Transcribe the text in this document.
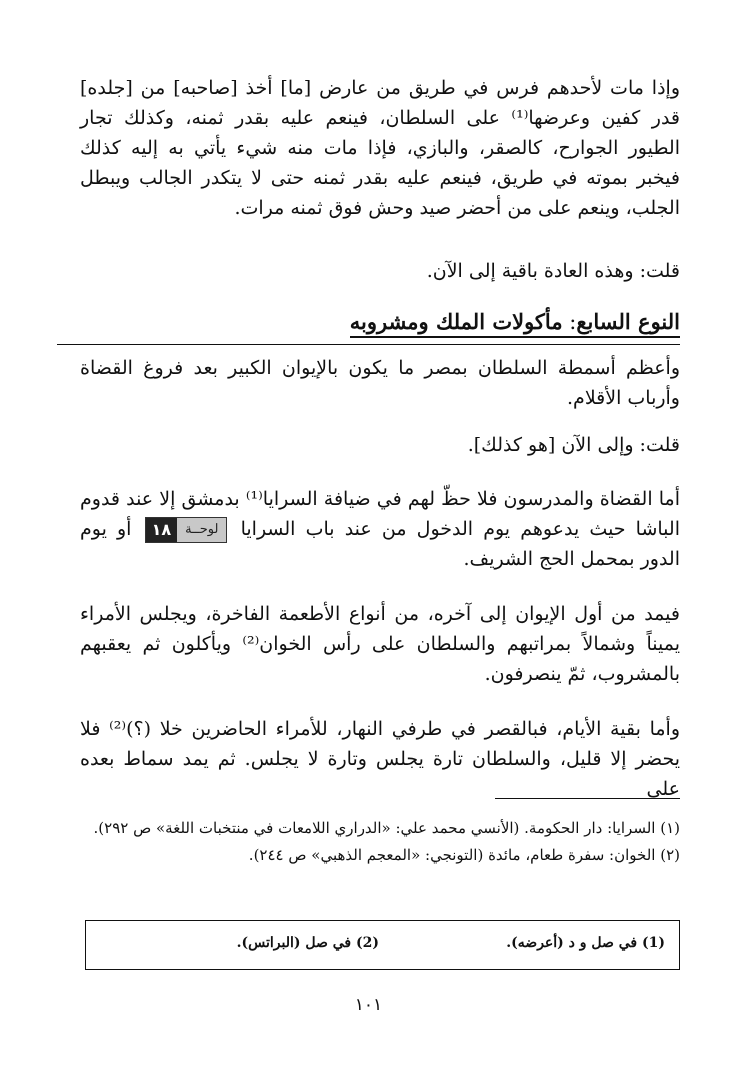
وإذا مات لأحدهم فرس في طريق من عارض [ما] أخذ [صاحبه] من [جلده] قدر كفين وعرضها⁽¹⁾ على السلطان، فينعم عليه بقدر ثمنه، وكذلك تجار الطيور الجوارح، كالصقر، والبازي، فإذا مات منه شيء يأتي به إليه كذلك فيخبر بموته في طريق، فينعم عليه بقدر ثمنه حتى لا يتكدر الجالب ويبطل الجلب، وينعم على من أحضر صيد وحش فوق ثمنه مرات.

قلت: وهذه العادة باقية إلى الآن.

النوع السابع: مأكولات الملك ومشروبه

وأعظم أسمطة السلطان بمصر ما يكون بالإيوان الكبير بعد فروغ القضاة وأرباب الأقلام.

قلت: وإلى الآن [هو كذلك].

أما القضاة والمدرسون فلا حظّ لهم في ضيافة السرايا⁽¹⁾ بدمشق إلا عند قدوم الباشا حيث يدعوهم يوم الدخول من عند باب السرايا
لوحــة
١٨
أو يوم الدور بمحمل الحج الشريف.

فيمد من أول الإيوان إلى آخره، من أنواع الأطعمة الفاخرة، ويجلس الأمراء يميناً وشمالاً بمراتبهم والسلطان على رأس الخوان⁽²⁾ ويأكلون ثم يعقبهم بالمشروب، ثمّ ينصرفون.

وأما بقية الأيام، فبالقصر في طرفي النهار، للأمراء الحاضرين خلا (؟)⁽²⁾ فلا يحضر إلا قليل، والسلطان تارة يجلس وتارة لا يجلس. ثم يمد سماط بعده على

(١) السرايا: دار الحكومة. (الأنسي محمد علي: «الدراري اللامعات في منتخبات اللغة» ص ٢٩٢).

(٢) الخوان: سفرة طعام، مائدة (التونجي: «المعجم الذهبي» ص ٢٤٤).

(1) في صل و د (أعرضه).
(2) في صل (البراتس).
١٠١
